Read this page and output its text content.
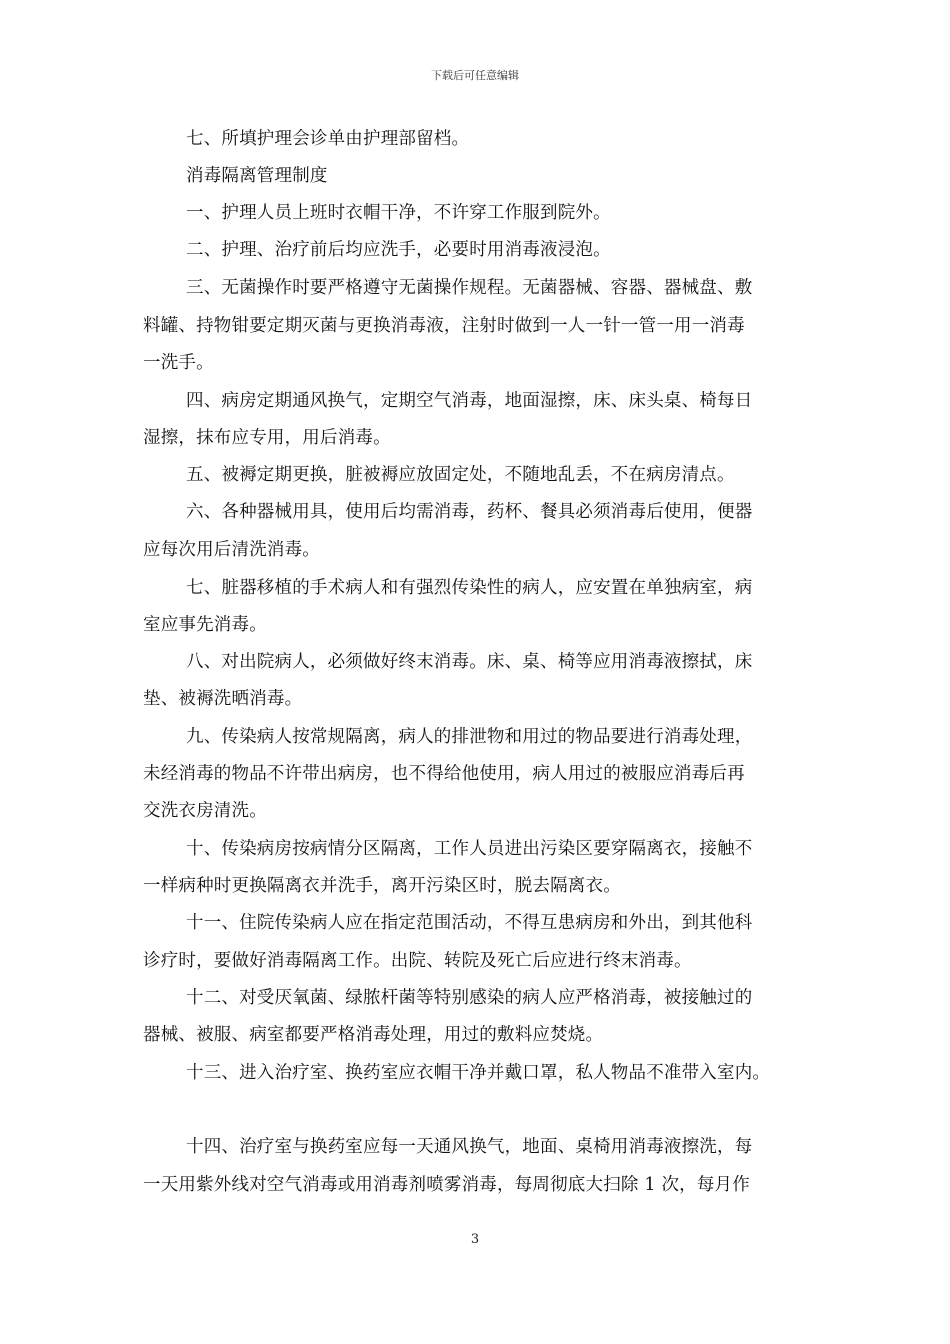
下载后可任意编辑
七、所填护理会诊单由护理部留档。
消毒隔离管理制度
一、护理人员上班时衣帽干净，不许穿工作服到院外。
二、护理、治疗前后均应洗手，必要时用消毒液浸泡。
三、无菌操作时要严格遵守无菌操作规程。无菌器械、容器、器械盘、敷
料罐、持物钳要定期灭菌与更换消毒液，注射时做到一人一针一管一用一消毒
一洗手。
四、病房定期通风换气，定期空气消毒，地面湿擦，床、床头桌、椅每日
湿擦，抹布应专用，用后消毒。
五、被褥定期更换，脏被褥应放固定处，不随地乱丢，不在病房清点。
六、各种器械用具，使用后均需消毒，药杯、餐具必须消毒后使用，便器
应每次用后清洗消毒。
七、脏器移植的手术病人和有强烈传染性的病人，应安置在单独病室，病
室应事先消毒。
八、对出院病人，必须做好终末消毒。床、桌、椅等应用消毒液擦拭，床
垫、被褥洗晒消毒。
九、传染病人按常规隔离，病人的排泄物和用过的物品要进行消毒处理，
未经消毒的物品不许带出病房，也不得给他使用，病人用过的被服应消毒后再
交洗衣房清洗。
十、传染病房按病情分区隔离，工作人员进出污染区要穿隔离衣，接触不
一样病种时更换隔离衣并洗手，离开污染区时，脱去隔离衣。
十一、住院传染病人应在指定范围活动，不得互患病房和外出，到其他科
诊疗时，要做好消毒隔离工作。出院、转院及死亡后应进行终末消毒。
十二、对受厌氧菌、绿脓杆菌等特别感染的病人应严格消毒，被接触过的
器械、被服、病室都要严格消毒处理，用过的敷料应焚烧。
十三、进入治疗室、换药室应衣帽干净并戴口罩，私人物品不准带入室内。
十四、治疗室与换药室应每一天通风换气，地面、桌椅用消毒液擦洗，每
一天用紫外线对空气消毒或用消毒剂喷雾消毒，每周彻底大扫除 1 次，每月作
3
